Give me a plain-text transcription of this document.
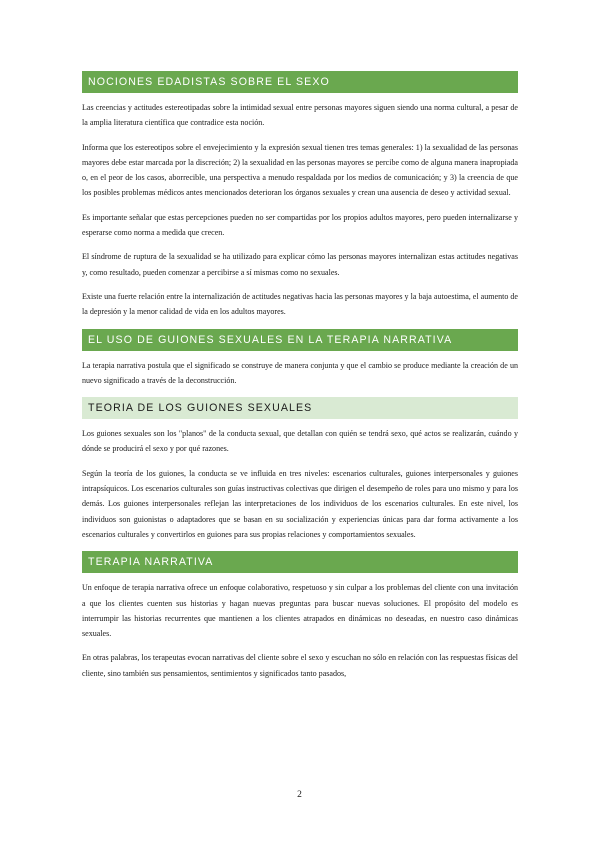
NOCIONES EDADISTAS SOBRE EL SEXO

Las creencias y actitudes estereotipadas sobre la intimidad sexual entre personas mayores siguen siendo una norma cultural, a pesar de la amplia literatura científica que contradice esta noción.

Informa que los estereotipos sobre el envejecimiento y la expresión sexual tienen tres temas generales: 1) la sexualidad de las personas mayores debe estar marcada por la discreción; 2) la sexualidad en las personas mayores se percibe como de alguna manera inapropiada o, en el peor de los casos, aborrecible, una perspectiva a menudo respaldada por los medios de comunicación; y 3) la creencia de que los posibles problemas médicos antes mencionados deterioran los órganos sexuales y crean una ausencia de deseo y actividad sexual.

Es importante señalar que estas percepciones pueden no ser compartidas por los propios adultos mayores, pero pueden internalizarse y esperarse como norma a medida que crecen.

El síndrome de ruptura de la sexualidad se ha utilizado para explicar cómo las personas mayores internalizan estas actitudes negativas y, como resultado, pueden comenzar a percibirse a sí mismas como no sexuales.

Existe una fuerte relación entre la internalización de actitudes negativas hacia las personas mayores y la baja autoestima, el aumento de la depresión y la menor calidad de vida en los adultos mayores.

EL USO DE GUIONES SEXUALES EN LA TERAPIA NARRATIVA

La terapia narrativa postula que el significado se construye de manera conjunta y que el cambio se produce mediante la creación de un nuevo significado a través de la deconstrucción.

TEORIA DE LOS GUIONES SEXUALES

Los guiones sexuales son los "planos" de la conducta sexual, que detallan con quién se tendrá sexo, qué actos se realizarán, cuándo y dónde se producirá el sexo y por qué razones.

Según la teoría de los guiones, la conducta se ve influida en tres niveles: escenarios culturales, guiones interpersonales y guiones intrapsíquicos. Los escenarios culturales son guías instructivas colectivas que dirigen el desempeño de roles para uno mismo y para los demás. Los guiones interpersonales reflejan las interpretaciones de los individuos de los escenarios culturales. En este nivel, los individuos son guionistas o adaptadores que se basan en su socialización y experiencias únicas para dar forma activamente a los escenarios culturales y convertirlos en guiones para sus propias relaciones y comportamientos sexuales.

TERAPIA NARRATIVA

Un enfoque de terapia narrativa ofrece un enfoque colaborativo, respetuoso y sin culpar a los problemas del cliente con una invitación a que los clientes cuenten sus historias y hagan nuevas preguntas para buscar nuevas soluciones. El propósito del modelo es interrumpir las historias recurrentes que mantienen a los clientes atrapados en dinámicas no deseadas, en nuestro caso dinámicas sexuales.

En otras palabras, los terapeutas evocan narrativas del cliente sobre el sexo y escuchan no sólo en relación con las respuestas físicas del cliente, sino también sus pensamientos, sentimientos y significados tanto pasados,

2
